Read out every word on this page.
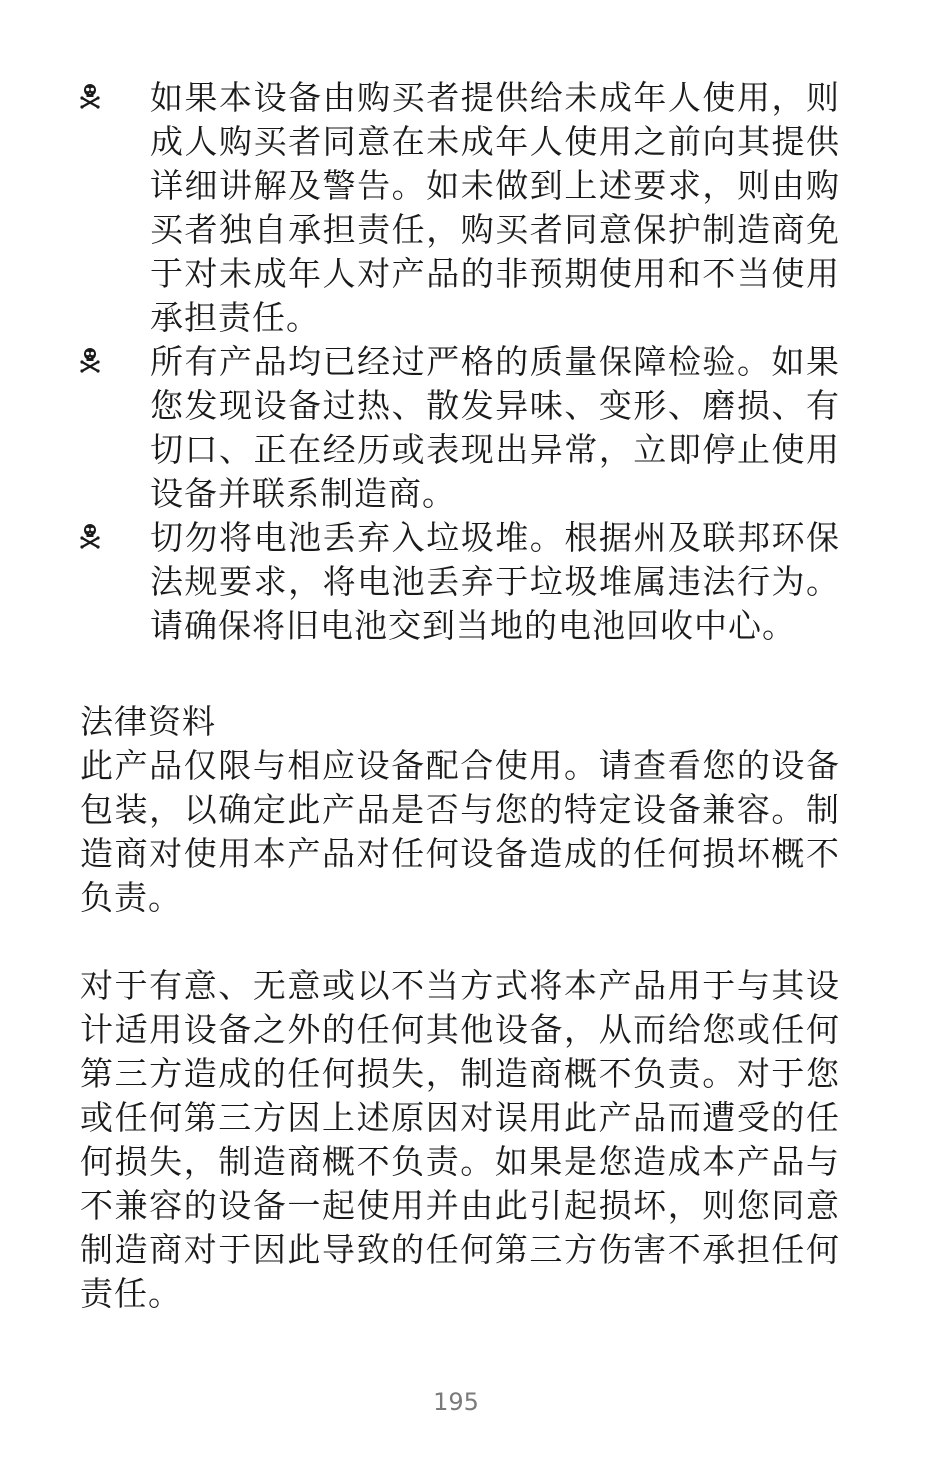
如果本设备由购买者提供给未成年人使用，则成人购买者同意在未成年人使用之前向其提供详细讲解及警告。如未做到上述要求，则由购买者独自承担责任，购买者同意保护制造商免于对未成年人对产品的非预期使用和不当使用承担责任。

所有产品均已经过严格的质量保障检验。如果您发现设备过热、散发异味、变形、磨损、有切口、正在经历或表现出异常，立即停止使用设备并联系制造商。

切勿将电池丢弃入垃圾堆。根据州及联邦环保法规要求，将电池丢弃于垃圾堆属违法行为。请确保将旧电池交到当地的电池回收中心。

法律资料

此产品仅限与相应设备配合使用。请查看您的设备包装，以确定此产品是否与您的特定设备兼容。制造商对使用本产品对任何设备造成的任何损坏概不负责。

对于有意、无意或以不当方式将本产品用于与其设计适用设备之外的任何其他设备，从而给您或任何第三方造成的任何损失，制造商概不负责。对于您或任何第三方因上述原因对误用此产品而遭受的任何损失，制造商概不负责。如果是您造成本产品与不兼容的设备一起使用并由此引起损坏，则您同意制造商对于因此导致的任何第三方伤害不承担任何责任。

195
